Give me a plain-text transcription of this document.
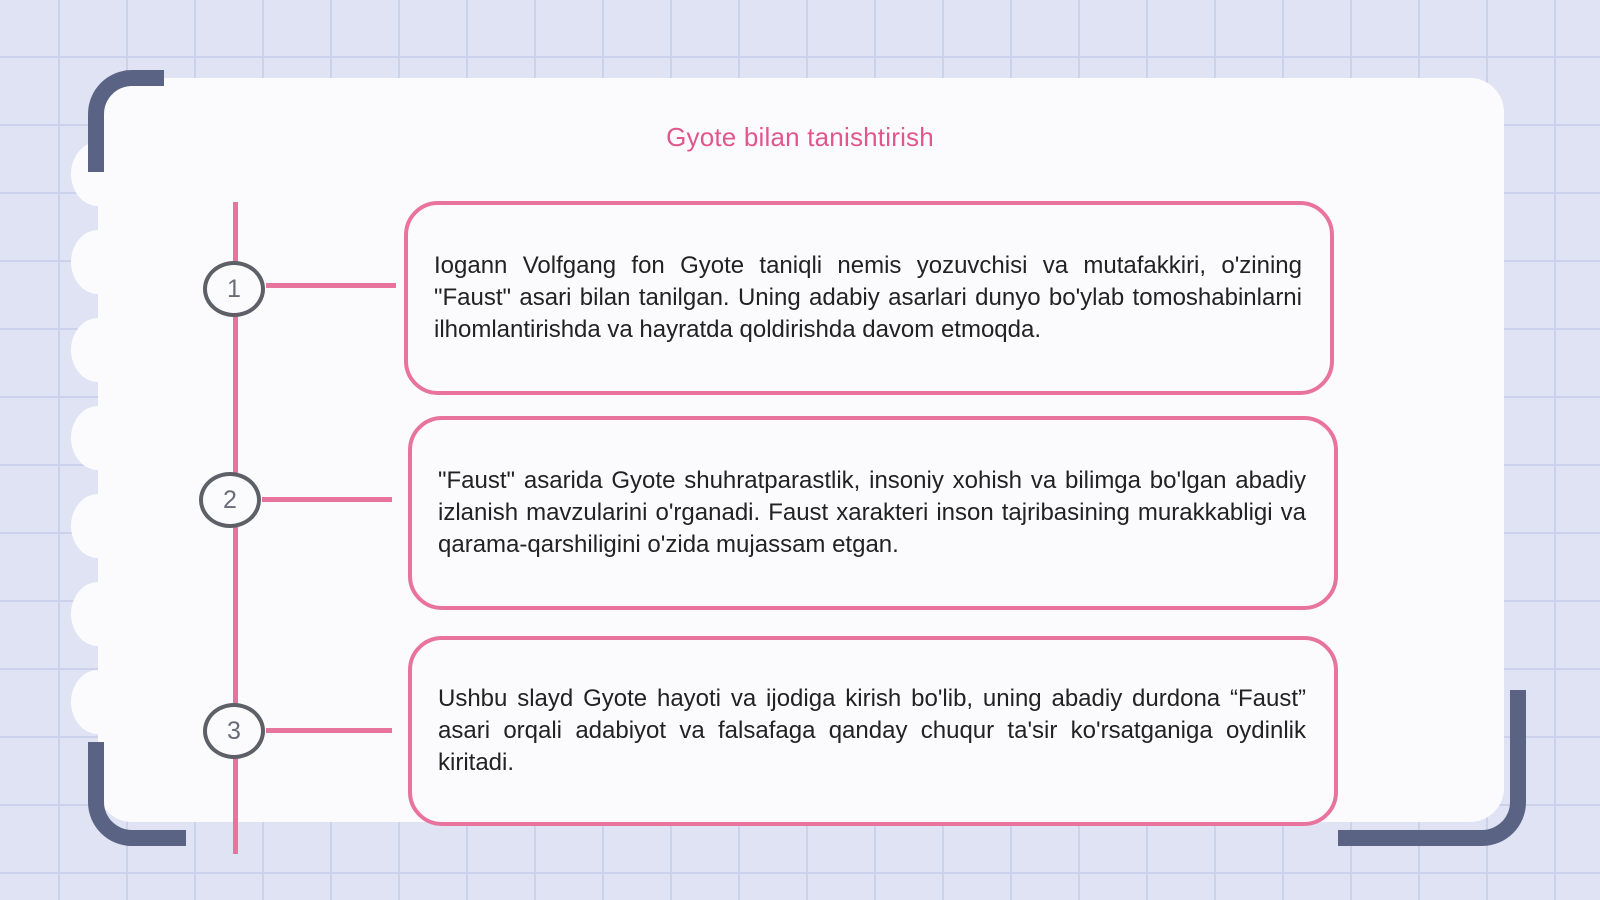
Gyote bilan tanishtirish
1
2
3

Iogann Volfgang fon Gyote taniqli nemis yozuvchisi va mutafakkiri, o'zining "Faust" asari bilan tanilgan. Uning adabiy asarlari dunyo bo'ylab tomoshabinlarni ilhomlantirishda va hayratda qoldirishda davom etmoqda.

"Faust" asarida Gyote shuhratparastlik, insoniy xohish va bilimga bo'lgan abadiy izlanish mavzularini o'rganadi. Faust xarakteri inson tajribasining murakkabligi va qarama-qarshiligini o'zida mujassam etgan.

Ushbu slayd Gyote hayoti va ijodiga kirish bo'lib, uning abadiy durdona “Faust” asari orqali adabiyot va falsafaga qanday chuqur ta'sir ko'rsatganiga oydinlik kiritadi.
